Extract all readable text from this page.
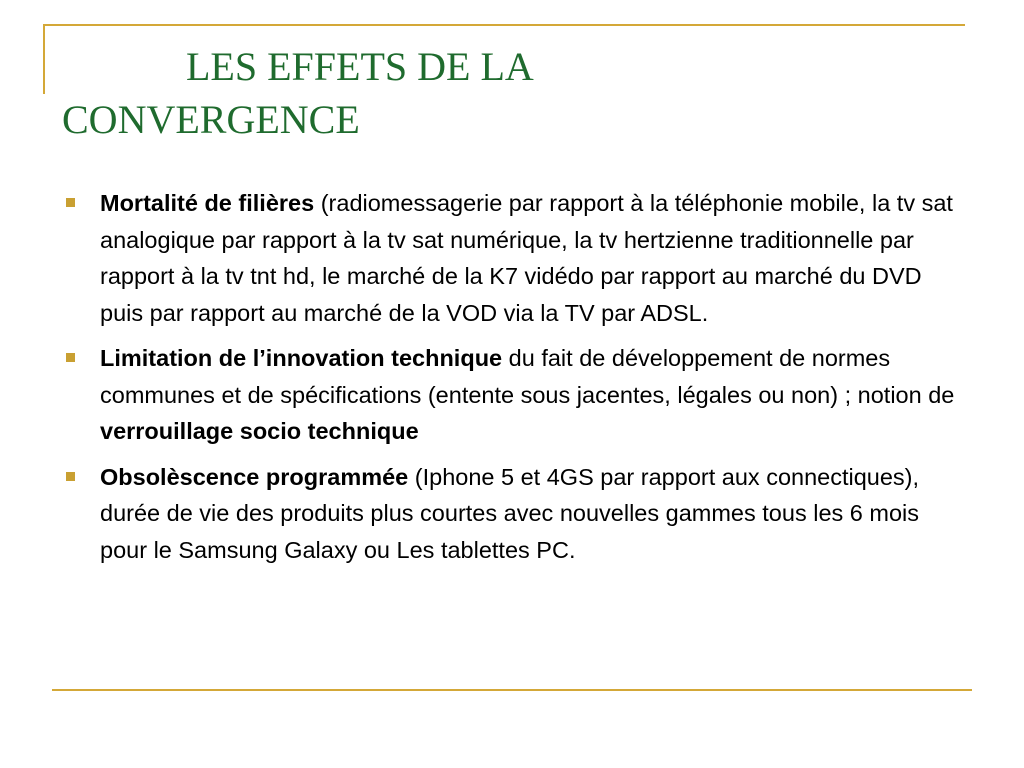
LES EFFETS DE LA
CONVERGENCE
Mortalité de filières (radiomessagerie par rapport à la téléphonie mobile, la tv sat analogique par rapport à la tv sat numérique, la tv hertzienne traditionnelle par rapport à la tv tnt hd, le marché de la K7 vidédo par rapport au marché du DVD puis par rapport au marché de la VOD via la TV par ADSL.
Limitation de l’innovation technique du fait de développement de normes communes et de spécifications (entente sous jacentes, légales ou non) ; notion de verrouillage socio technique
Obsolèscence programmée (Iphone 5 et 4GS par rapport aux connectiques), durée de vie des produits plus courtes avec nouvelles gammes tous les 6 mois pour le Samsung Galaxy ou Les tablettes PC.
